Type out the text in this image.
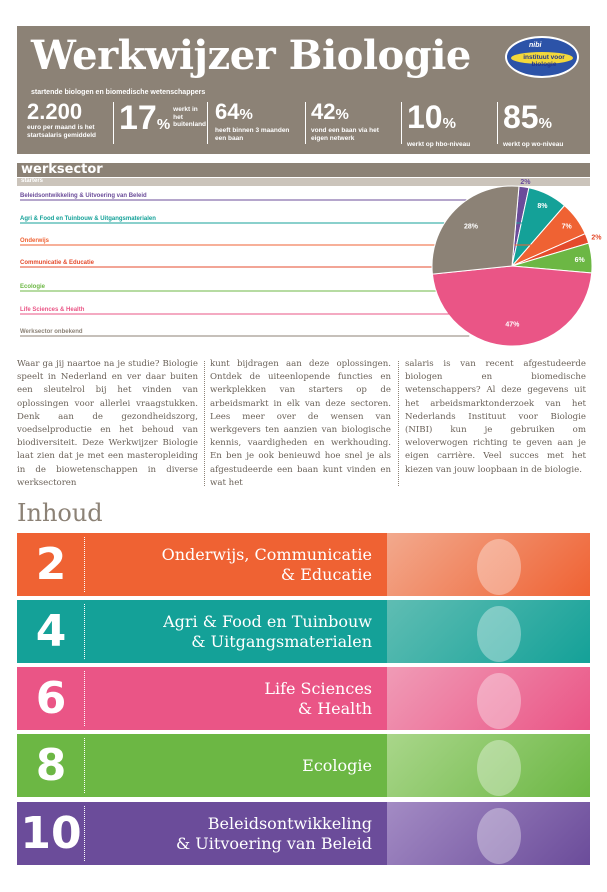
Werkwijzer Biologie	nibi
instituut voor biologie
startende biologen en biomedische wetenschappers
2.200
euro per maand is het startsalaris gemiddeld 17%
werkt in het buitenland
64%
heeft binnen 3 maanden een baan
42%
vond een baan via het eigen netwerk
10%
werkt op hbo-niveau
85%
werkt op wo-niveau
werksector
starters	2%
Beleidsontwikkeling & Uitvoering van Beleid
8%
Agri & Food en Tuinbouw & Uitgangsmaterialen
7%
Onderwijs	2%
Communicatie & Educatie	6%
Ecologie
47%
Life Sciences & Health
28%
Werksector onbekend
Waar ga jij naartoe na je studie? Biologie speelt in Nederland en ver daar buiten een sleutelrol bij het vinden van oplossingen voor allerlei vraagstukken. Denk aan de gezondheidszorg, voedselproductie en het behoud van biodiversiteit. Deze Werkwijzer Biologie laat zien dat je met een masteropleiding in de biowetenschappen in diverse werksectoren
kunt bijdragen aan deze oplossingen. Ontdek de uiteenlopende functies en werkplekken van starters op de arbeidsmarkt in elk van deze sectoren. Lees meer over de wensen van werkgevers ten aanzien van biologische kennis, vaardigheden en werkhouding. En ben je ook benieuwd hoe snel je als afgestudeerde een baan kunt vinden en wat het
salaris is van recent afgestudeerde biologen en biomedische wetenschappers? Al deze gegevens uit het arbeidsmarktonderzoek van het Nederlands Instituut voor Biologie (NIBI) kun je gebruiken om weloverwogen richting te geven aan je eigen carrière. Veel succes met het kiezen van jouw loopbaan in de biologie.
Inhoud
2	Onderwijs, Communicatie
& Educatie
4	Agri & Food en Tuinbouw
& Uitgangsmaterialen
6	Life Sciences
& Health
8	Ecologie
10	Beleidsontwikkeling
& Uitvoering van Beleid
